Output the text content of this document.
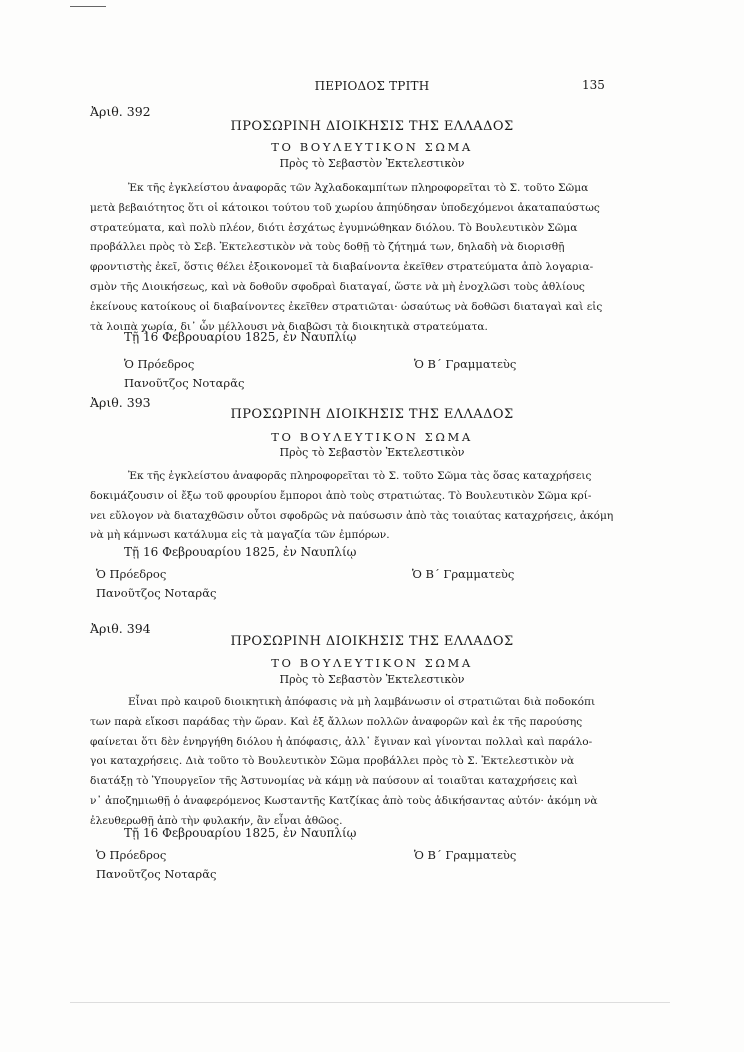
ΠΕΡΙΟΔΟΣ ΤΡΙΤΗ	135
Ἀριθ. 392
ΠΡΟΣΩΡΙΝΗ ΔΙΟΙΚΗΣΙΣ ΤΗΣ ΕΛΛΑΔΟΣ
ΤΟ ΒΟΥΛΕΥΤΙΚΟΝ ΣΩΜΑ
Πρὸς τὸ Σεβαστὸν Ἐκτελεστικὸν

Ἐκ τῆς ἐγκλείστου ἀναφορᾶς τῶν Ἀχλαδοκαμπίτων πληροφορεῖται τὸ Σ. τοῦτο Σῶμα

μετὰ βεβαιότητος ὅτι οἱ κάτοικοι τούτου τοῦ χωρίου ἀπηύδησαν ὑποδεχόμενοι ἀκαταπαύστως

στρατεύματα, καὶ πολὺ πλέον, διότι ἐσχάτως ἐγυμνώθηκαν διόλου. Τὸ Βουλευτικὸν Σῶμα

προβάλλει πρὸς τὸ Σεβ. Ἐκτελεστικὸν νὰ τοὺς δοθῇ τὸ ζήτημά των, δηλαδὴ νὰ διορισθῇ

φροντιστὴς ἐκεῖ, ὅστις θέλει ἐξοικονομεῖ τὰ διαβαίνοντα ἐκεῖθεν στρατεύματα ἀπὸ λογαρια-

σμὸν τῆς Διοικήσεως, καὶ νὰ δοθοῦν σφοδραὶ διαταγαί, ὥστε νὰ μὴ ἐνοχλῶσι τοὺς ἀθλίους

ἐκείνους κατοίκους οἱ διαβαίνοντες ἐκεῖθεν στρατιῶται· ὡσαύτως νὰ δοθῶσι διαταγαὶ καὶ εἰς

τὰ λοιπὰ χωρία, δι᾿ ὧν μέλλουσι νὰ διαβῶσι τὰ διοικητικὰ στρατεύματα.

Τῇ 16 Φεβρουαρίου 1825, ἐν Ναυπλίῳ
Ὁ Πρόεδρος	Ὁ Β΄ Γραμματεὺς
Πανοῦτζος Νοταρᾶς
Ἀριθ. 393
ΠΡΟΣΩΡΙΝΗ ΔΙΟΙΚΗΣΙΣ ΤΗΣ ΕΛΛΑΔΟΣ
ΤΟ ΒΟΥΛΕΥΤΙΚΟΝ ΣΩΜΑ
Πρὸς τὸ Σεβαστὸν Ἐκτελεστικὸν

Ἐκ τῆς ἐγκλείστου ἀναφορᾶς πληροφορεῖται τὸ Σ. τοῦτο Σῶμα τὰς ὅσας καταχρήσεις

δοκιμάζουσιν οἱ ἔξω τοῦ φρουρίου ἔμποροι ἀπὸ τοὺς στρατιώτας. Τὸ Βουλευτικὸν Σῶμα κρί-

νει εὔλογον νὰ διαταχθῶσιν οὗτοι σφοδρῶς νὰ παύσωσιν ἀπὸ τὰς τοιαύτας καταχρήσεις, ἀκόμη

νὰ μὴ κάμνωσι κατάλυμα εἰς τὰ μαγαζία τῶν ἐμπόρων.

Τῇ 16 Φεβρουαρίου 1825, ἐν Ναυπλίῳ
Ὁ Πρόεδρος	Ὁ Β΄ Γραμματεὺς
Πανοῦτζος Νοταρᾶς
Ἀριθ. 394
ΠΡΟΣΩΡΙΝΗ ΔΙΟΙΚΗΣΙΣ ΤΗΣ ΕΛΛΑΔΟΣ
ΤΟ ΒΟΥΛΕΥΤΙΚΟΝ ΣΩΜΑ
Πρὸς τὸ Σεβαστὸν Ἐκτελεστικὸν

Εἶναι πρὸ καιροῦ διοικητικὴ ἀπόφασις νὰ μὴ λαμβάνωσιν οἱ στρατιῶται διὰ ποδοκόπι

των παρὰ εἴκοσι παράδας τὴν ὥραν. Καὶ ἐξ ἄλλων πολλῶν ἀναφορῶν καὶ ἐκ τῆς παρούσης

φαίνεται ὅτι δὲν ἐνηργήθη διόλου ἡ ἀπόφασις, ἀλλ᾿ ἔγιναν καὶ γίνονται πολλαὶ καὶ παράλο-

γοι καταχρήσεις. Διὰ τοῦτο τὸ Βουλευτικὸν Σῶμα προβάλλει πρὸς τὸ Σ. Ἐκτελεστικὸν νὰ

διατάξῃ τὸ Ὑπουργεῖον τῆς Ἀστυνομίας νὰ κάμῃ νὰ παύσουν αἱ τοιαῦται καταχρήσεις καὶ

ν᾿ ἀποζημιωθῇ ὁ ἀναφερόμενος Κωσταντῆς Κατζίκας ἀπὸ τοὺς ἀδικήσαντας αὐτόν· ἀκόμη νὰ

ἐλευθερωθῇ ἀπὸ τὴν φυλακήν, ἂν εἶναι ἀθῶος.

Τῇ 16 Φεβρουαρίου 1825, ἐν Ναυπλίῳ
Ὁ Πρόεδρος	Ὁ Β΄ Γραμματεὺς
Πανοῦτζος Νοταρᾶς
